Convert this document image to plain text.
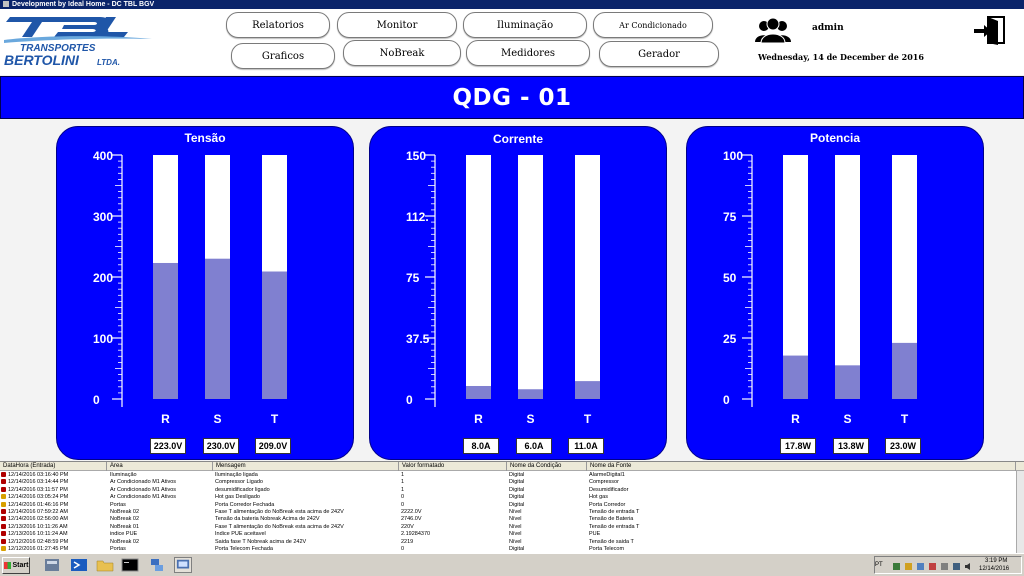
Development by Ideal Home - DC TBL BGV
TRANSPORTES
BERTOLINI LTDA.
Relatorios	Monitor	Iluminação	Ar Condicionado
Graficos	NoBreak	Medidores	Gerador
admin
Wednesday, 14 de December de 2016
QDG - 01
Tensão
400
300
200
100
0
R	S	T
223.0V	230.0V	209.0V
Corrente
150
112.
75
37.5
0
R	S	T
8.0A	6.0A	11.0A
Potencia
100
75
50
25
0
R	S	T
17.8W	13.8W	23.0W
DataHora (Entrada)	Área	Mensagem	Valor formatado	Nome da Condição	Nome da Fonte
12/14/2016 03:16:40 PM	Iluminação	Iluminação ligada	1	Digital	AlarmeDigital1
12/14/2016 03:14:44 PM	Ar Condicionado M1 Ativos	Compressor Ligado	1	Digital	Compressor
12/14/2016 03:11:57 PM	Ar Condicionado M1 Ativos	desumidificador ligado	1	Digital	Desumidificador
12/14/2016 03:05:24 PM	Ar Condicionado M1 Ativos	Hot gas Desligado	0	Digital	Hot gas
12/14/2016 01:46:16 PM	Portas	Porta Corredor Fechada	0	Digital	Porta Corredor
12/14/2016 07:59:22 AM	NoBreak 02	Fase T alimentação do NoBreak esta acima de 242V	2222.0V	Nível	Tensão de entrada T
12/14/2016 02:56:00 AM	NoBreak 02	Tensão da bateria Nobreak Acima de 242V	2746.0V	Nível	Tensão de Bateria
12/13/2016 10:11:26 AM	NoBreak 01	Fase T alimentação do NoBreak esta acima de 242V	220V	Nível	Tensão de entrada T
12/13/2016 10:11:24 AM	indice PUE	Indice PUE aceitavel	2.19284370	Nível	PUE
12/12/2016 02:48:59 PM	NoBreak 02	Saida fase T Nobreak acima de 242V	2219	Nível	Tensão de saida T
12/12/2016 01:27:45 PM	Portas	Porta Telecom Fechada	0	Digital	Porta Telecom
Start	PT
3:19 PM
12/14/2016
